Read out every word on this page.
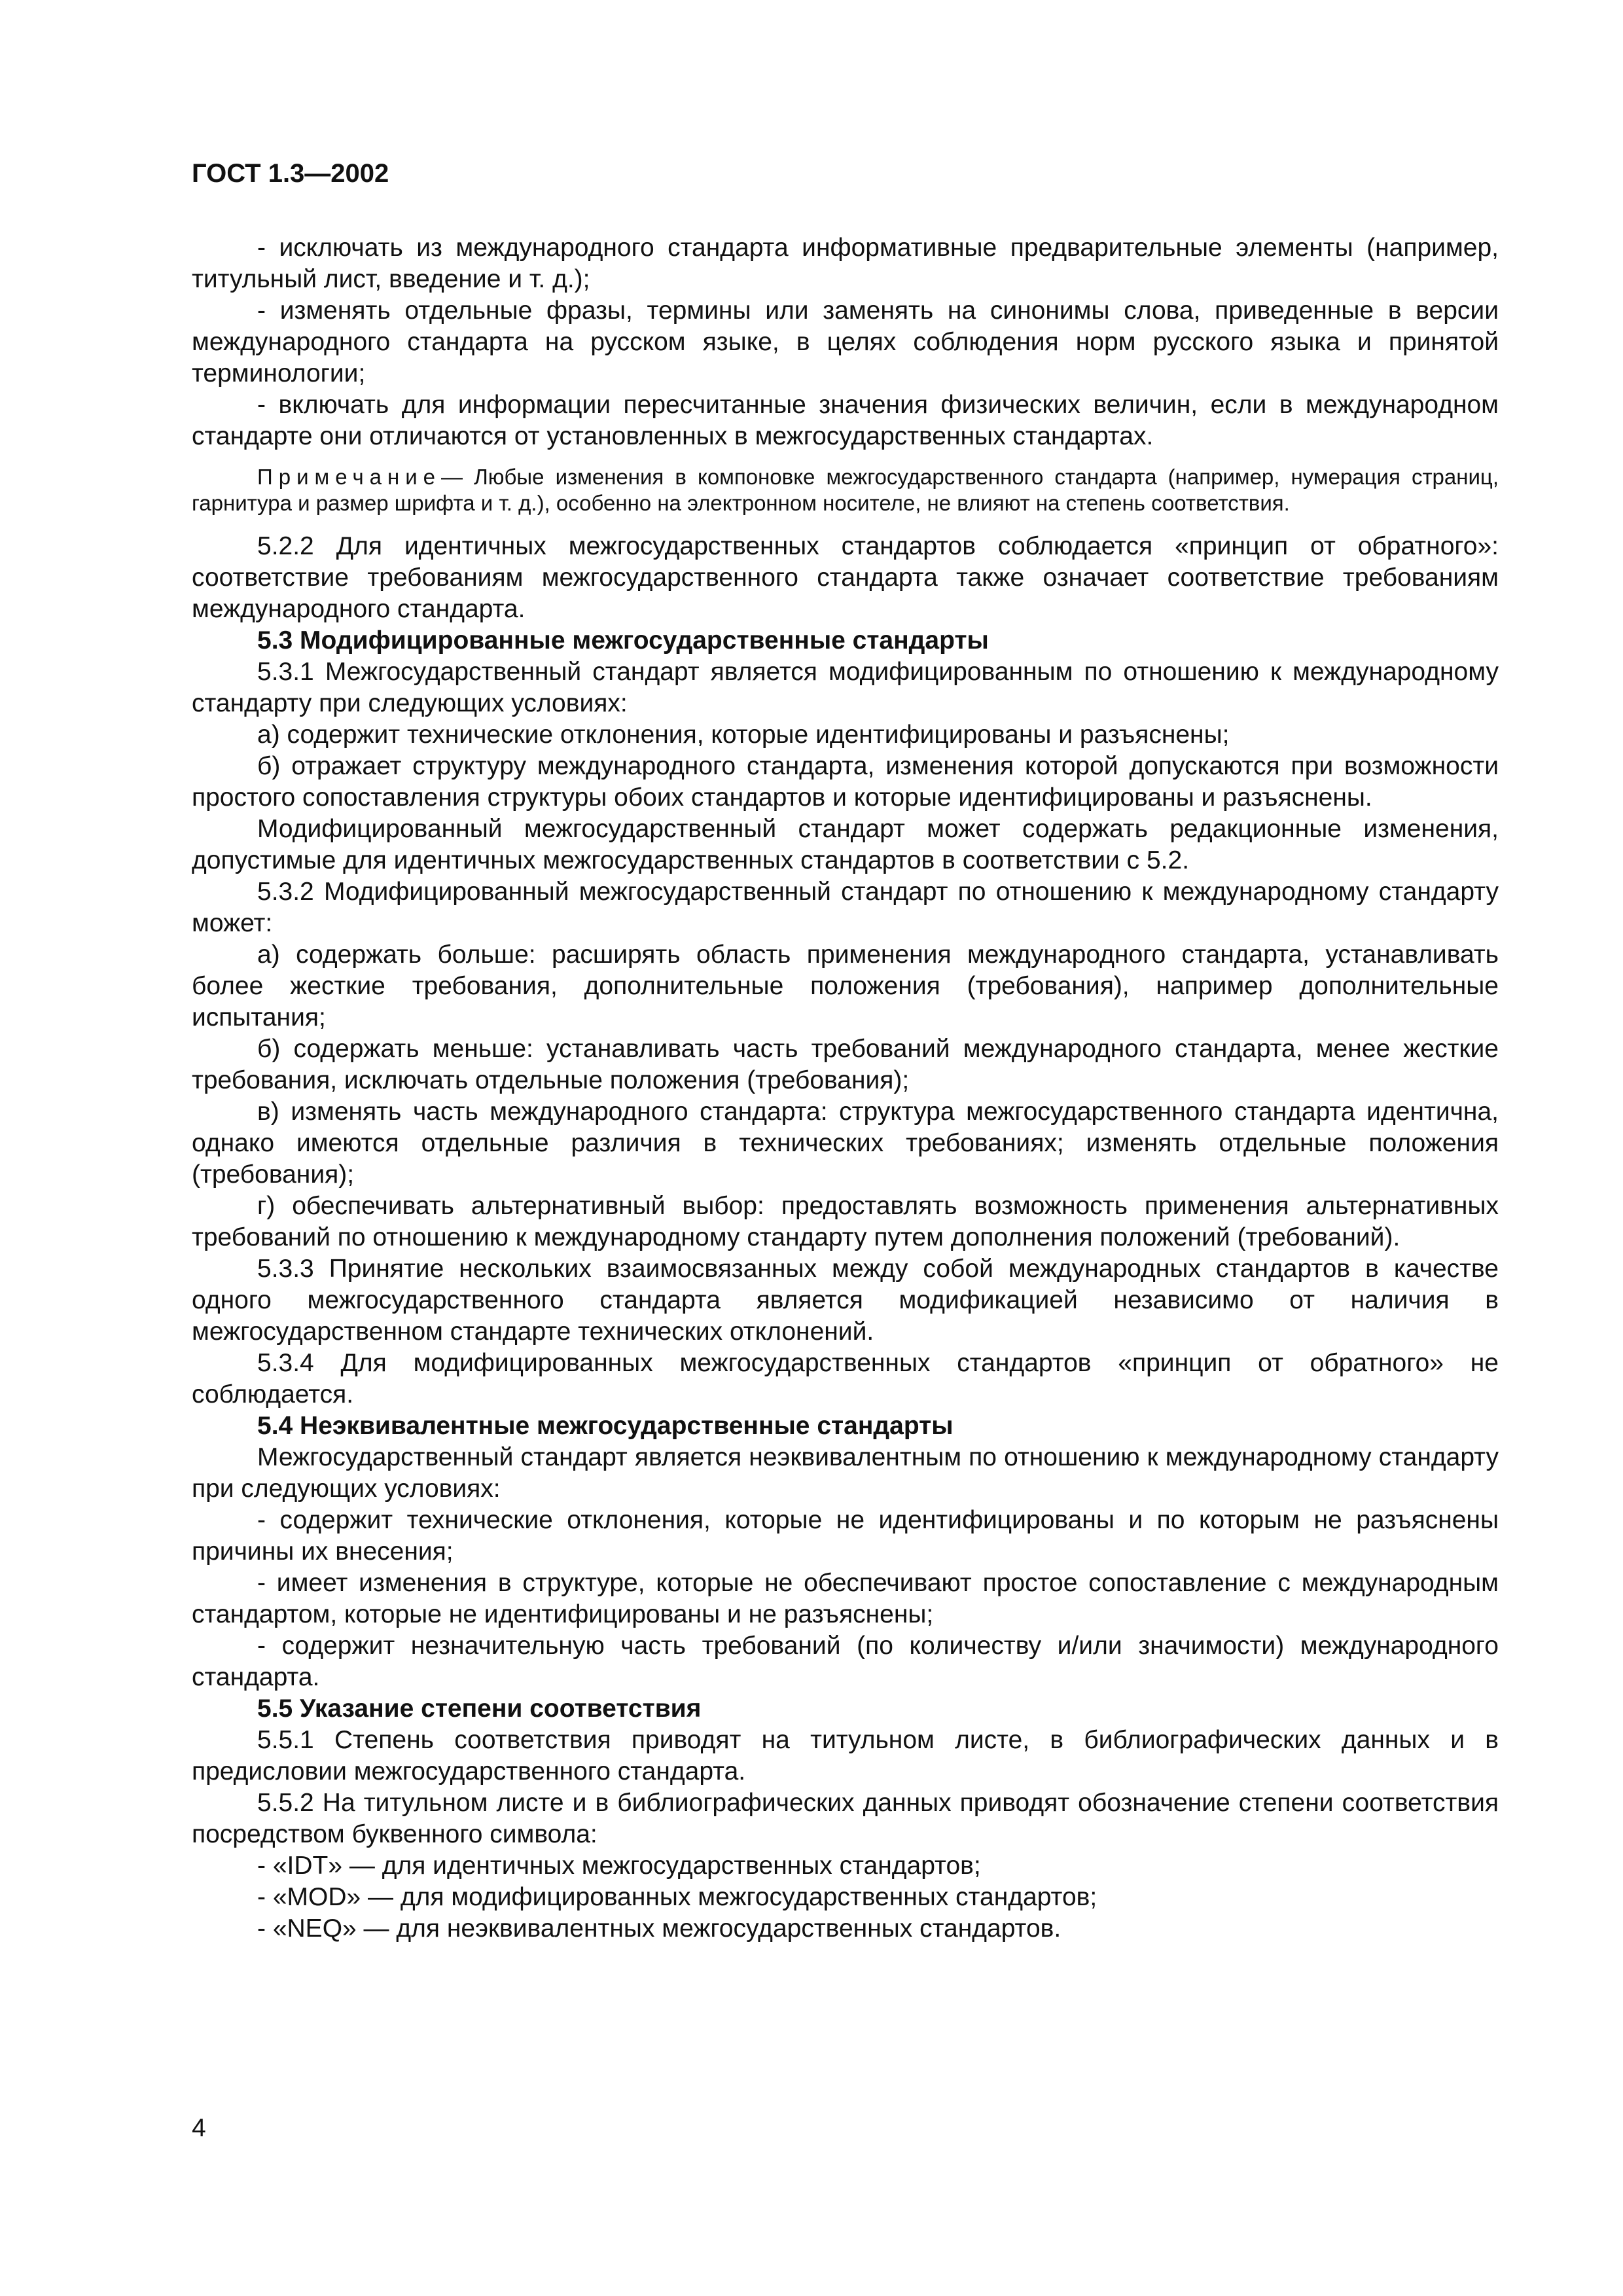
ГОСТ 1.3—2002

- исключать из международного стандарта информативные предварительные элементы (например, титульный лист, введение и т. д.);

- изменять отдельные фразы, термины или заменять на синонимы слова, приведенные в версии международного стандарта на русском языке, в целях соблюдения норм русского языка и принятой терминологии;

- включать для информации пересчитанные значения физических величин, если в международном стандарте они отличаются от установленных в межгосударственных стандартах.

Примечание— Любые изменения в компоновке межгосударственного стандарта (например, нумерация страниц, гарнитура и размер шрифта и т. д.), особенно на электронном носителе, не влияют на степень соответствия.

5.2.2 Для идентичных межгосударственных стандартов соблюдается «принцип от обратного»: соответствие требованиям межгосударственного стандарта также означает соответствие требованиям международного стандарта.

5.3 Модифицированные межгосударственные стандарты

5.3.1 Межгосударственный стандарт является модифицированным по отношению к международному стандарту при следующих условиях:

а) содержит технические отклонения, которые идентифицированы и разъяснены;

б) отражает структуру международного стандарта, изменения которой допускаются при возможности простого сопоставления структуры обоих стандартов и которые идентифицированы и разъяснены.

Модифицированный межгосударственный стандарт может содержать редакционные изменения, допустимые для идентичных межгосударственных стандартов в соответствии с 5.2.

5.3.2 Модифицированный межгосударственный стандарт по отношению к международному стандарту может:

а) содержать больше: расширять область применения международного стандарта, устанавливать более жесткие требования, дополнительные положения (требования), например дополнительные испытания;

б) содержать меньше: устанавливать часть требований международного стандарта, менее жесткие требования, исключать отдельные положения (требования);

в) изменять часть международного стандарта: структура межгосударственного стандарта идентична, однако имеются отдельные различия в технических требованиях; изменять отдельные положения (требования);

г) обеспечивать альтернативный выбор: предоставлять возможность применения альтернативных требований по отношению к международному стандарту путем дополнения положений (требований).

5.3.3 Принятие нескольких взаимосвязанных между собой международных стандартов в качестве одного межгосударственного стандарта является модификацией независимо от наличия в межгосударственном стандарте технических отклонений.

5.3.4 Для модифицированных межгосударственных стандартов «принцип от обратного» не соблюдается.

5.4 Неэквивалентные межгосударственные стандарты

Межгосударственный стандарт является неэквивалентным по отношению к международному стандарту при следующих условиях:

- содержит технические отклонения, которые не идентифицированы и по которым не разъяснены причины их внесения;

- имеет изменения в структуре, которые не обеспечивают простое сопоставление с международным стандартом, которые не идентифицированы и не разъяснены;

- содержит незначительную часть требований (по количеству и/или значимости) международного стандарта.

5.5 Указание степени соответствия

5.5.1 Степень соответствия приводят на титульном листе, в библиографических данных и в предисловии межгосударственного стандарта.

5.5.2 На титульном листе и в библиографических данных приводят обозначение степени соответствия посредством буквенного символа:

- «IDT» — для идентичных межгосударственных стандартов;

- «MOD» — для модифицированных межгосударственных стандартов;

- «NEQ» — для неэквивалентных межгосударственных стандартов.

4
